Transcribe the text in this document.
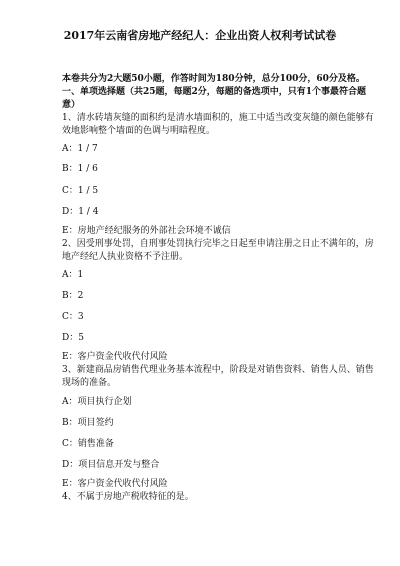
2017年云南省房地产经纪人：企业出资人权利考试试卷
本卷共分为2大题50小题，作答时间为180分钟，总分100分，60分及格。
一、单项选择题（共25题，每题2分，每题的备选项中，只有1个事最符合题
意）
1、清水砖墙灰缝的面积约是清水墙面积的，施工中适当改变灰缝的颜色能够有
效地影响整个墙面的色调与明暗程度。
A：1 / 7
B：1 / 6
C：1 / 5
D：1 / 4
E：房地产经纪服务的外部社会环境不诚信
2、因受刑事处罚，自刑事处罚执行完毕之日起至申请注册之日止不满年的，房
地产经纪人执业资格不予注册。
A：1
B：2
C：3
D：5
E：客户资金代收代付风险
3、新建商品房销售代理业务基本流程中，阶段是对销售资料、销售人员、销售
现场的准备。
A：项目执行企划
B：项目签约
C：销售准备
D：项目信息开发与整合
E：客户资金代收代付风险
4、不属于房地产税收特征的是。
